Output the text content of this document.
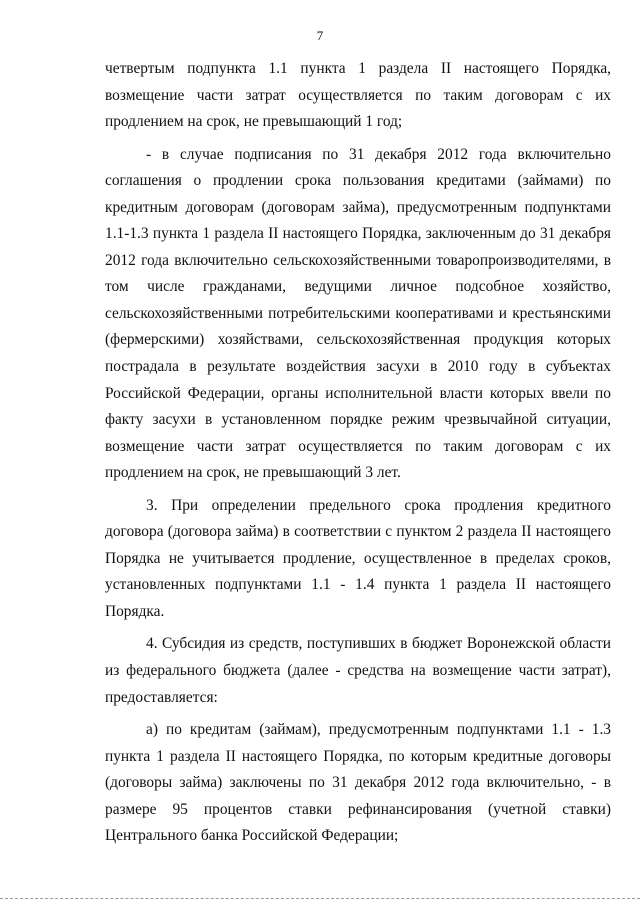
7

четвертым подпункта 1.1 пункта 1 раздела II настоящего Порядка, возмещение части затрат осуществляется по таким договорам с их продлением на срок, не превышающий 1 год;

- в случае подписания по 31 декабря 2012 года включительно соглашения о продлении срока пользования кредитами (займами) по кредитным договорам (договорам займа), предусмотренным подпунктами 1.1-1.3 пункта 1 раздела II настоящего Порядка, заключенным до 31 декабря 2012 года включительно сельскохозяйственными товаропроизводителями, в том числе гражданами, ведущими личное подсобное хозяйство, сельскохозяйственными потребительскими кооперативами и крестьянскими (фермерскими) хозяйствами, сельскохозяйственная продукция которых пострадала в результате воздействия засухи в 2010 году в субъектах Российской Федерации, органы исполнительной власти которых ввели по факту засухи в установленном порядке режим чрезвычайной ситуации, возмещение части затрат осуществляется по таким договорам с их продлением на срок, не превышающий 3 лет.

3. При определении предельного срока продления кредитного договора (договора займа) в соответствии с пунктом 2 раздела II настоящего Порядка не учитывается продление, осуществленное в пределах сроков, установленных подпунктами 1.1 - 1.4 пункта 1 раздела II настоящего Порядка.

4. Субсидия из средств, поступивших в бюджет Воронежской области из федерального бюджета (далее - средства на возмещение части затрат), предоставляется:

а) по кредитам (займам), предусмотренным подпунктами 1.1 - 1.3 пункта 1 раздела II настоящего Порядка, по которым кредитные договоры (договоры займа) заключены по 31 декабря 2012 года включительно, - в размере 95 процентов ставки рефинансирования (учетной ставки) Центрального банка Российской Федерации;
